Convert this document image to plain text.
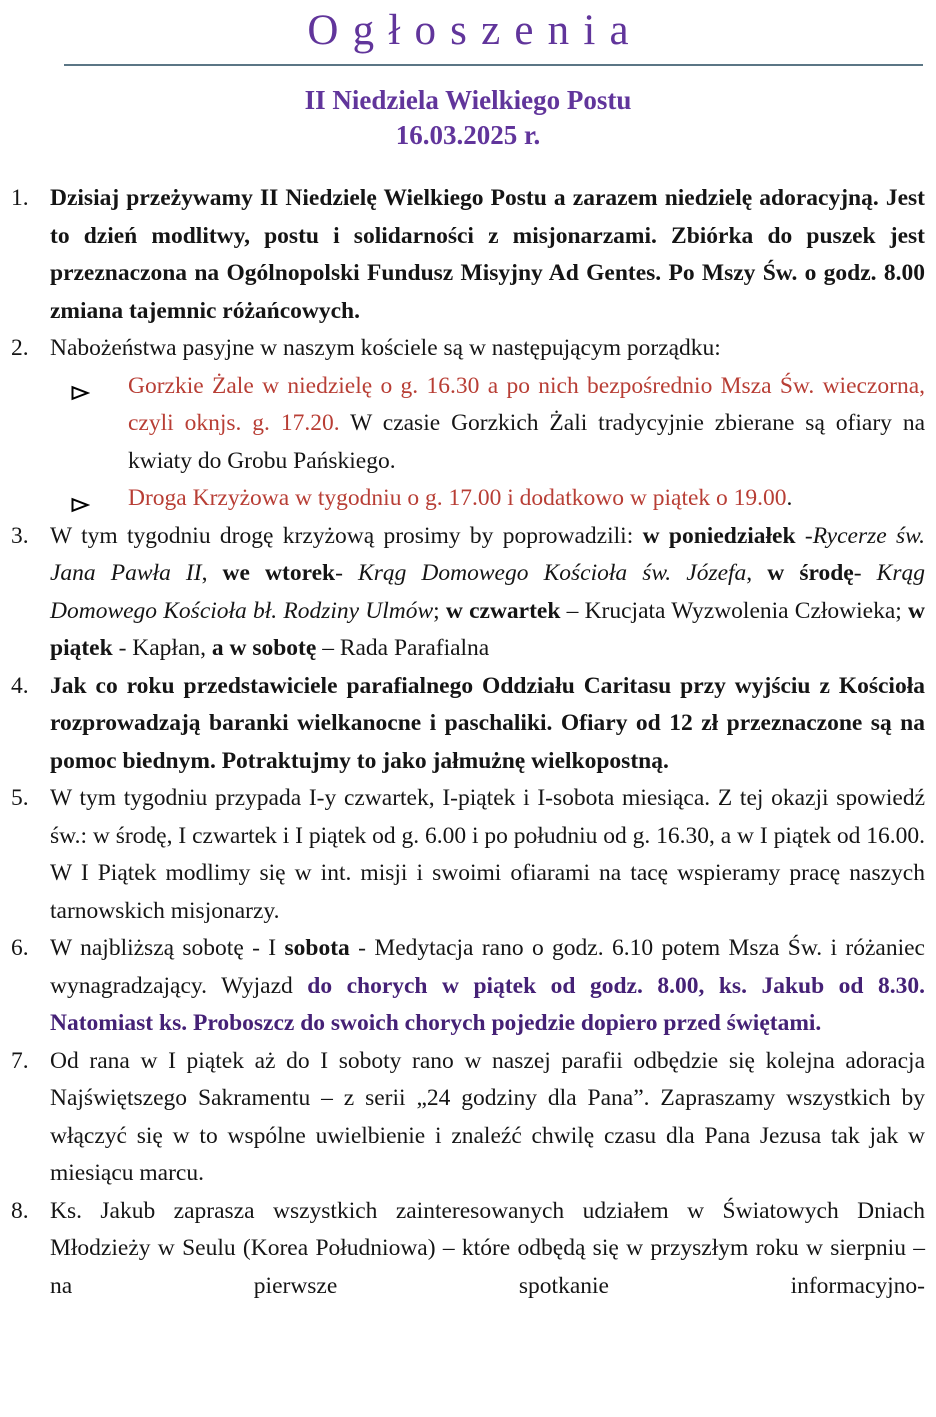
Ogłoszenia
II Niedziela Wielkiego Postu
16.03.2025 r.
1. Dzisiaj przeżywamy II Niedzielę Wielkiego Postu a zarazem niedzielę adoracyjną. Jest to dzień modlitwy, postu i solidarności z misjonarzami. Zbiórka do puszek jest przeznaczona na Ogólnopolski Fundusz Misyjny Ad Gentes. Po Mszy Św. o godz. 8.00 zmiana tajemnic różańcowych.
2. Nabożeństwa pasyjne w naszym kościele są w następującym porządku:
Gorzkie Żale w niedzielę o g. 16.30 a po nich bezpośrednio Msza Św. wieczorna, czyli oknjs. g. 17.20. W czasie Gorzkich Żali tradycyjnie zbierane są ofiary na kwiaty do Grobu Pańskiego.
Droga Krzyżowa w tygodniu o g. 17.00 i dodatkowo w piątek o 19.00.
3. W tym tygodniu drogę krzyżową prosimy by poprowadzili: w poniedziałek -Rycerze św. Jana Pawła II, we wtorek- Krąg Domowego Kościoła św. Józefa, w środę- Krąg Domowego Kościoła bł. Rodziny Ulmów; w czwartek – Krucjata Wyzwolenia Człowieka; w piątek - Kapłan, a w sobotę – Rada Parafialna
4. Jak co roku przedstawiciele parafialnego Oddziału Caritasu przy wyjściu z Kościoła rozprowadzają baranki wielkanocne i paschaliki. Ofiary od 12 zł przeznaczone są na pomoc biednym. Potraktujmy to jako jałmużnę wielkopostną.
5. W tym tygodniu przypada I-y czwartek, I-piątek i I-sobota miesiąca. Z tej okazji spowiedź św.: w środę, I czwartek i I piątek od g. 6.00 i po południu od g. 16.30, a w I piątek od 16.00. W I Piątek modlimy się w int. misji i swoimi ofiarami na tacę wspieramy pracę naszych tarnowskich misjonarzy.
6. W najbliższą sobotę - I sobota - Medytacja rano o godz. 6.10 potem Msza Św. i różaniec wynagradzający. Wyjazd do chorych w piątek od godz. 8.00, ks. Jakub od 8.30. Natomiast ks. Proboszcz do swoich chorych pojedzie dopiero przed świętami.
7. Od rana w I piątek aż do I soboty rano w naszej parafii odbędzie się kolejna adoracja Najświętszego Sakramentu – z serii „24 godziny dla Pana”. Zapraszamy wszystkich by włączyć się w to wspólne uwielbienie i znaleźć chwilę czasu dla Pana Jezusa tak jak w miesiącu marcu.
8. Ks. Jakub zaprasza wszystkich zainteresowanych udziałem w Światowych Dniach Młodzieży w Seulu (Korea Południowa) – które odbędą się w przyszłym roku w sierpniu – na pierwsze spotkanie informacyjno-
